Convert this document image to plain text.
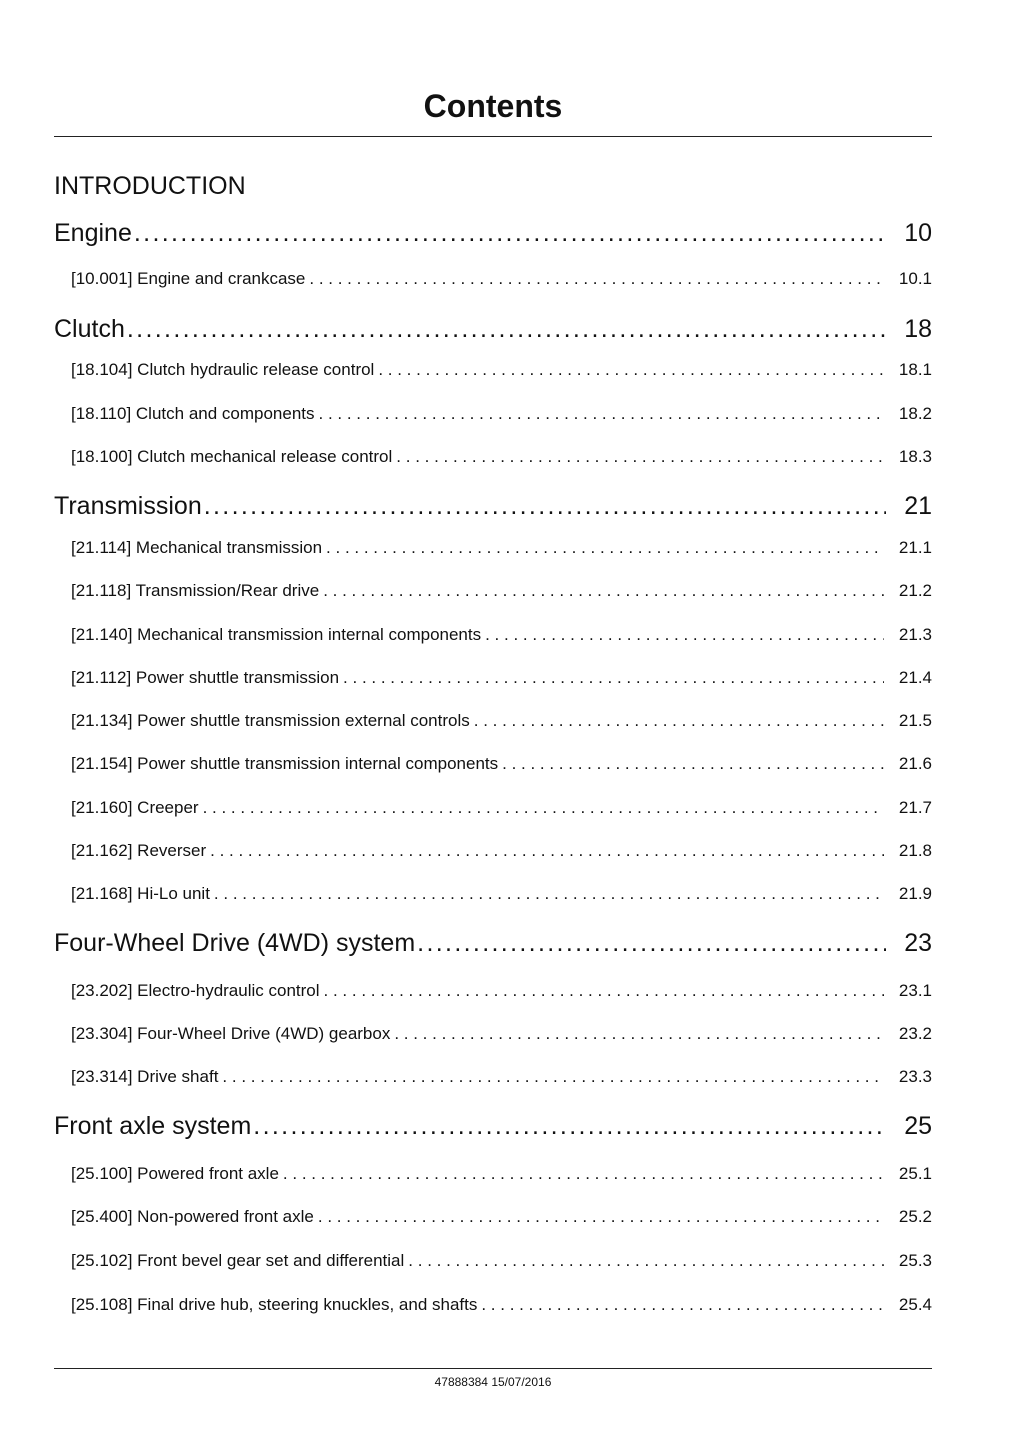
Contents
INTRODUCTION
Engine . . .	10
[10.001] Engine and crankcase . . .	10.1
Clutch . . .	18
[18.104] Clutch hydraulic release control . . .	18.1
[18.110] Clutch and components . . .	18.2
[18.100] Clutch mechanical release control . . .	18.3
Transmission . . .	21
[21.114] Mechanical transmission . . .	21.1
[21.118] Transmission/Rear drive . . .	21.2
[21.140] Mechanical transmission internal components . . .	21.3
[21.112] Power shuttle transmission . . .	21.4
[21.134] Power shuttle transmission external controls . . .	21.5
[21.154] Power shuttle transmission internal components . . .	21.6
[21.160] Creeper . . .	21.7
[21.162] Reverser . . .	21.8
[21.168] Hi-Lo unit . . .	21.9
Four-Wheel Drive (4WD) system . . .	23
[23.202] Electro-hydraulic control . . .	23.1
[23.304] Four-Wheel Drive (4WD) gearbox . . .	23.2
[23.314] Drive shaft . . .	23.3
Front axle system . . .	25
[25.100] Powered front axle . . .	25.1
[25.400] Non-powered front axle . . .	25.2
[25.102] Front bevel gear set and differential . . .	25.3
[25.108] Final drive hub, steering knuckles, and shafts . . .	25.4
47888384 15/07/2016
